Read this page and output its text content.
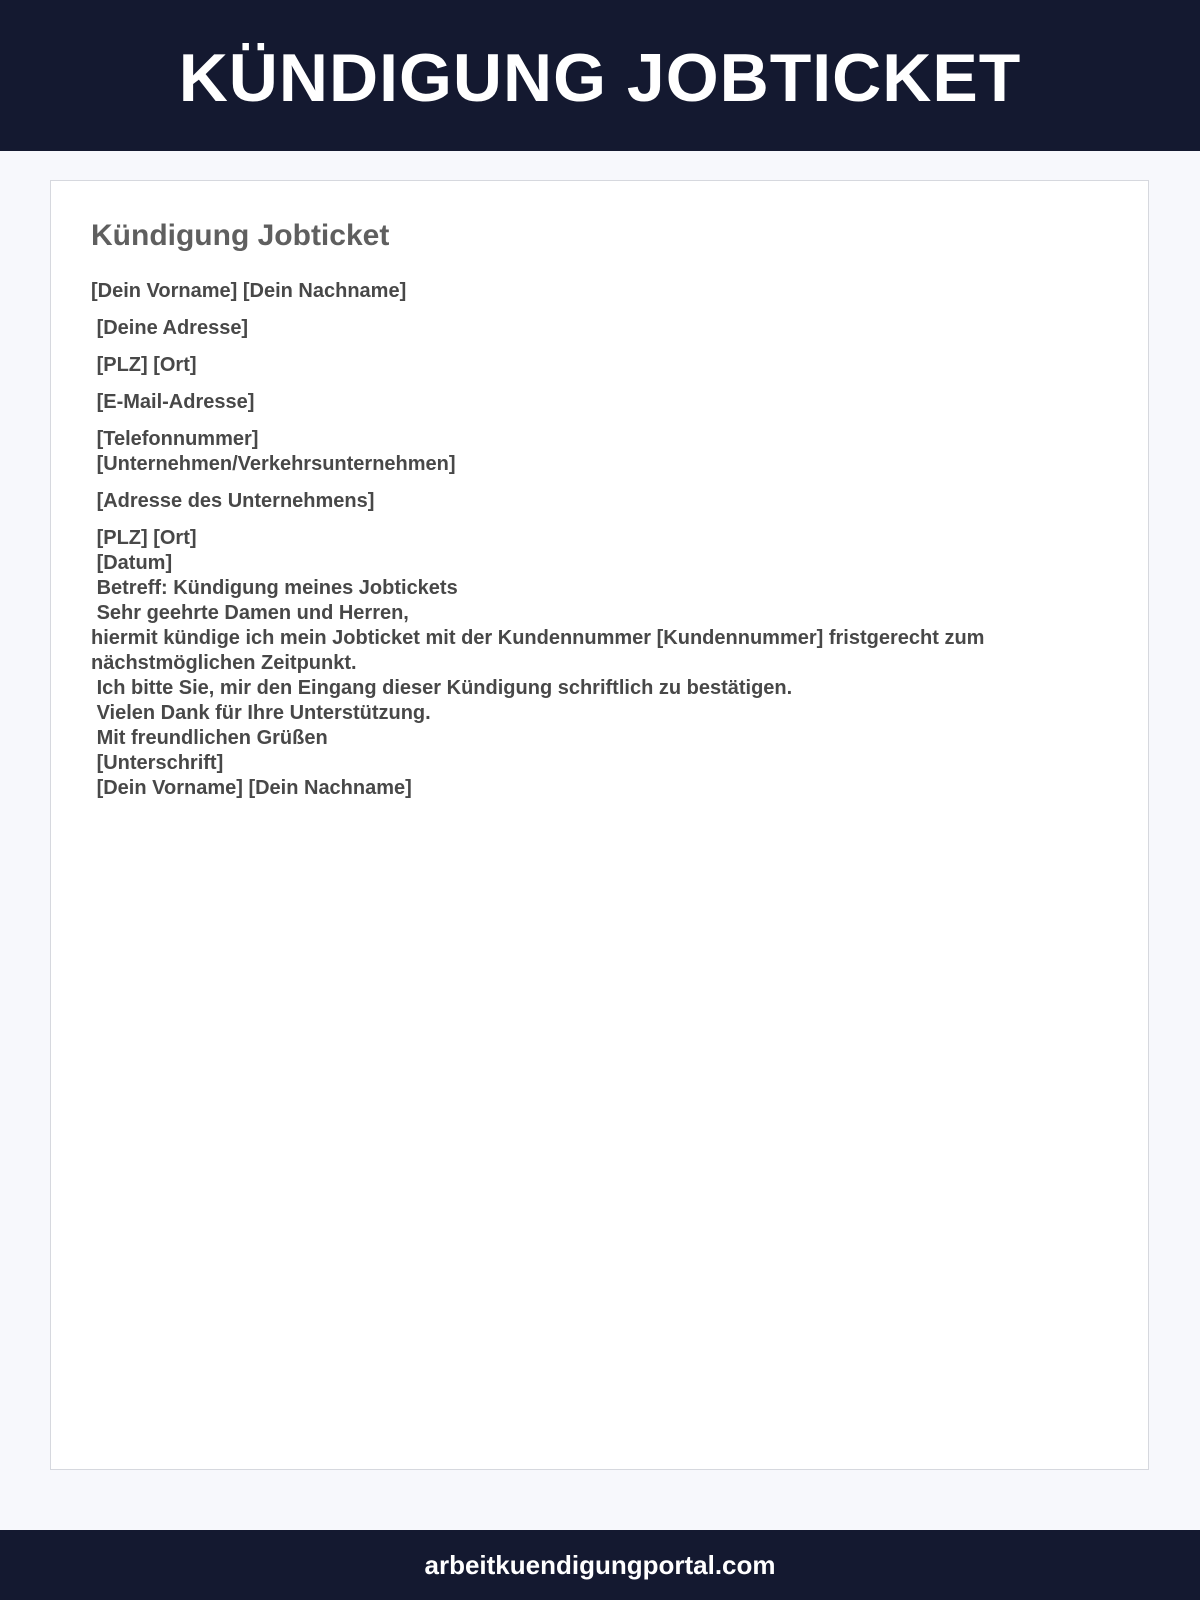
KÜNDIGUNG JOBTICKET
Kündigung Jobticket
[Dein Vorname] [Dein Nachname]
[Deine Adresse]
[PLZ] [Ort]
[E-Mail-Adresse]
[Telefonnummer]
[Unternehmen/Verkehrsunternehmen]
[Adresse des Unternehmens]
[PLZ] [Ort]
[Datum]
Betreff: Kündigung meines Jobtickets
Sehr geehrte Damen und Herren,
hiermit kündige ich mein Jobticket mit der Kundennummer [Kundennummer] fristgerecht zum nächstmöglichen Zeitpunkt.
Ich bitte Sie, mir den Eingang dieser Kündigung schriftlich zu bestätigen.
Vielen Dank für Ihre Unterstützung.
Mit freundlichen Grüßen
[Unterschrift]
[Dein Vorname] [Dein Nachname]
arbeitkuendigungportal.com
